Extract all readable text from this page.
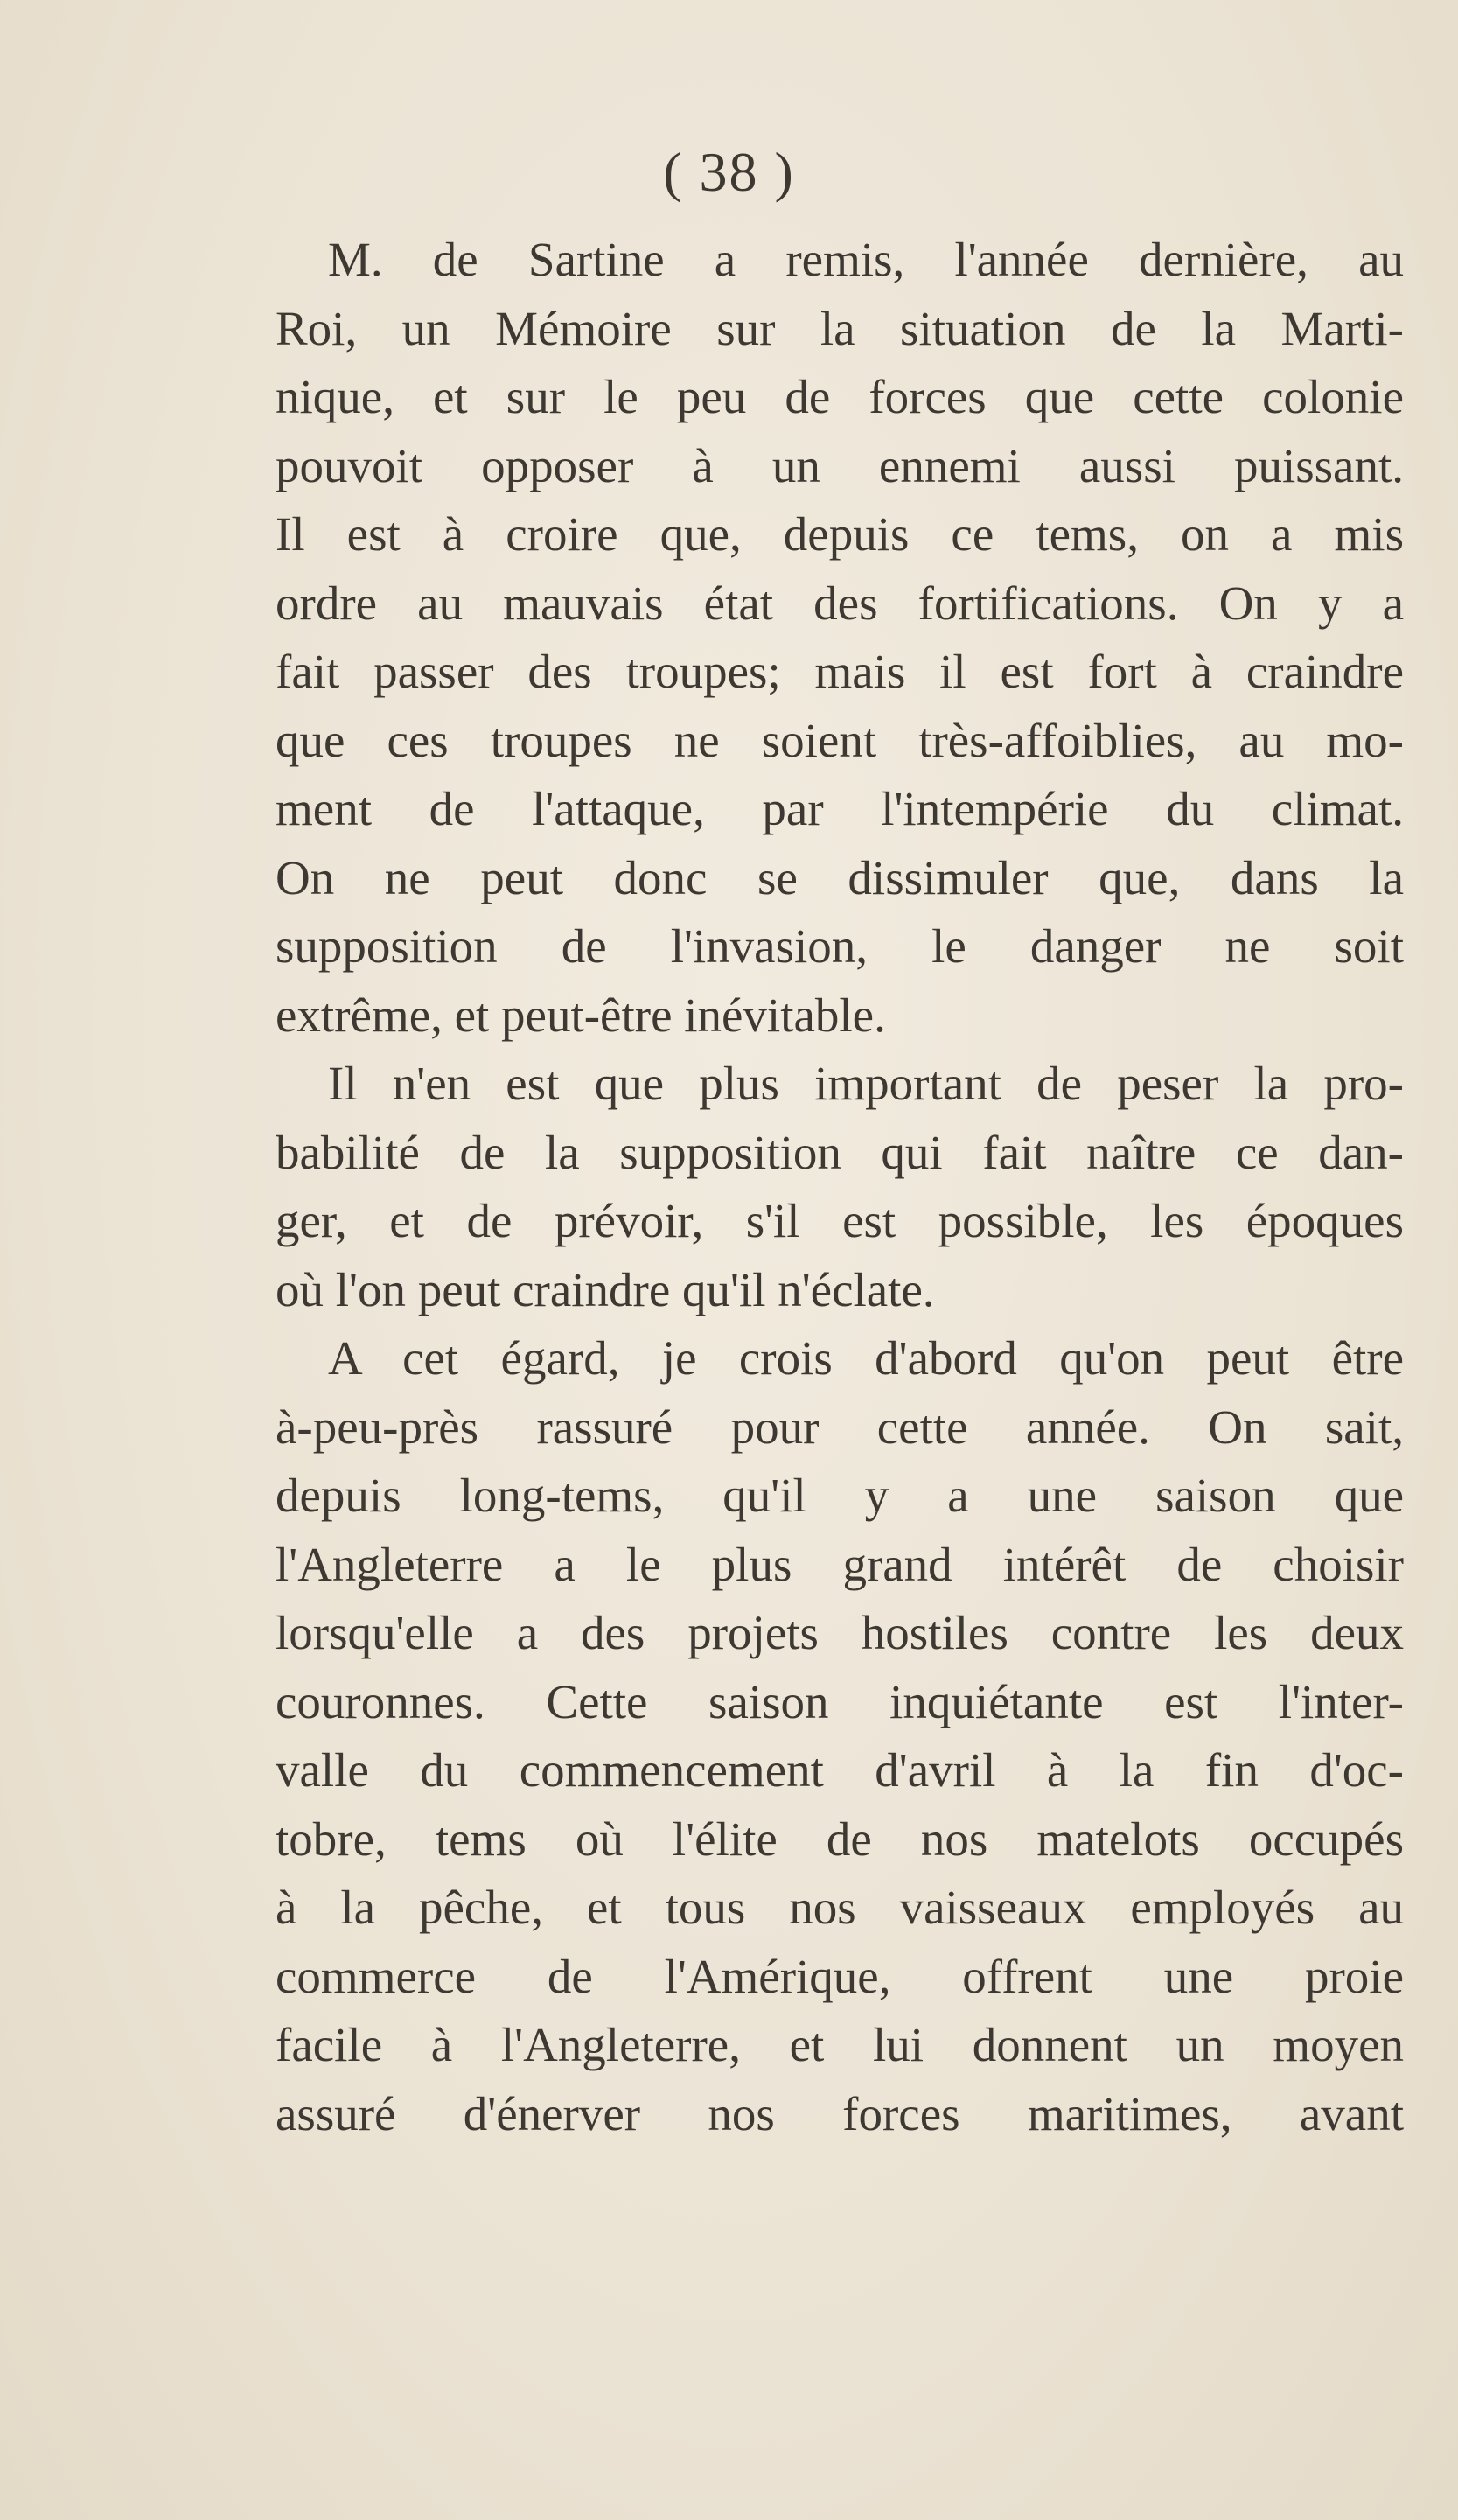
( 38 )

M. de Sartine a remis, l'année dernière, au
Roi, un Mémoire sur la situation de la Marti-
nique, et sur le peu de forces que cette colonie
pouvoit opposer à un ennemi aussi puissant.
Il est à croire que, depuis ce tems, on a mis
ordre au mauvais état des fortifications. On y a
fait passer des troupes; mais il est fort à craindre
que ces troupes ne soient très-affoiblies, au mo-
ment de l'attaque, par l'intempérie du climat.
On ne peut donc se dissimuler que, dans la
supposition de l'invasion, le danger ne soit
extrême, et peut-être inévitable.

Il n'en est que plus important de peser la pro-
babilité de la supposition qui fait naître ce dan-
ger, et de prévoir, s'il est possible, les époques
où l'on peut craindre qu'il n'éclate.

A cet égard, je crois d'abord qu'on peut être
à-peu-près rassuré pour cette année. On sait,
depuis long-tems, qu'il y a une saison que
l'Angleterre a le plus grand intérêt de choisir
lorsqu'elle a des projets hostiles contre les deux
couronnes. Cette saison inquiétante est l'inter-
valle du commencement d'avril à la fin d'oc-
tobre, tems où l'élite de nos matelots occupés
à la pêche, et tous nos vaisseaux employés au
commerce de l'Amérique, offrent une proie
facile à l'Angleterre, et lui donnent un moyen
assuré d'énerver nos forces maritimes, avant
